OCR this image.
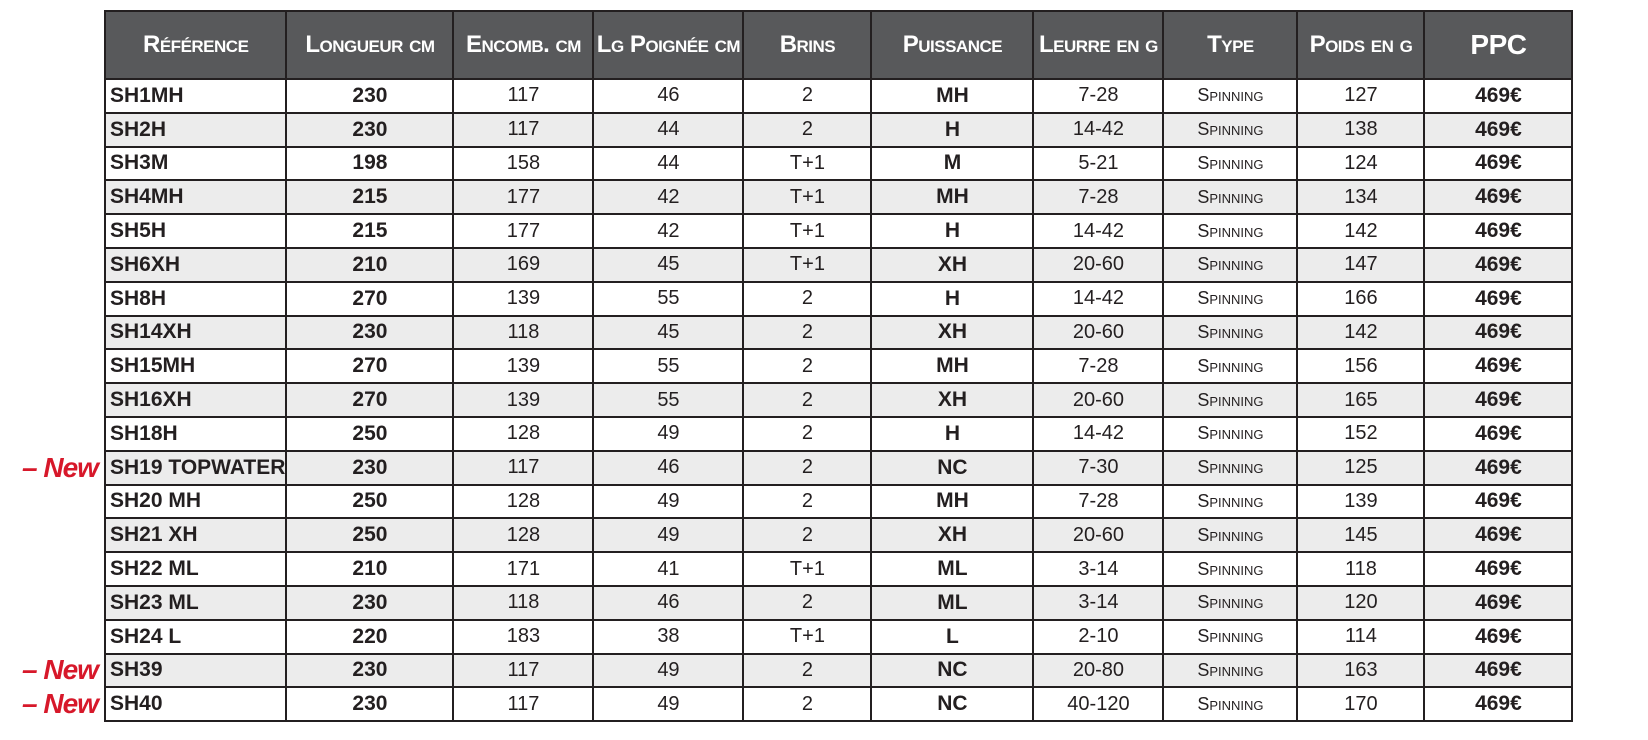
– New
– New
– New
Référence	Longueur cm	Encomb. cm	Lg Poignée cm	Brins	Puissance	Leurre en g	Type	Poids en g	PPC
SH1MH	230	117	46	2	MH	7-28	Spinning	127	469€
SH2H	230	117	44	2	H	14-42	Spinning	138	469€
SH3M	198	158	44	T+1	M	5-21	Spinning	124	469€
SH4MH	215	177	42	T+1	MH	7-28	Spinning	134	469€
SH5H	215	177	42	T+1	H	14-42	Spinning	142	469€
SH6XH	210	169	45	T+1	XH	20-60	Spinning	147	469€
SH8H	270	139	55	2	H	14-42	Spinning	166	469€
SH14XH	230	118	45	2	XH	20-60	Spinning	142	469€
SH15MH	270	139	55	2	MH	7-28	Spinning	156	469€
SH16XH	270	139	55	2	XH	20-60	Spinning	165	469€
SH18H	250	128	49	2	H	14-42	Spinning	152	469€
SH19 TOPWATER	230	117	46	2	NC	7-30	Spinning	125	469€
SH20 MH	250	128	49	2	MH	7-28	Spinning	139	469€
SH21 XH	250	128	49	2	XH	20-60	Spinning	145	469€
SH22 ML	210	171	41	T+1	ML	3-14	Spinning	118	469€
SH23 ML	230	118	46	2	ML	3-14	Spinning	120	469€
SH24 L	220	183	38	T+1	L	2-10	Spinning	114	469€
SH39	230	117	49	2	NC	20-80	Spinning	163	469€
SH40	230	117	49	2	NC	40-120	Spinning	170	469€
